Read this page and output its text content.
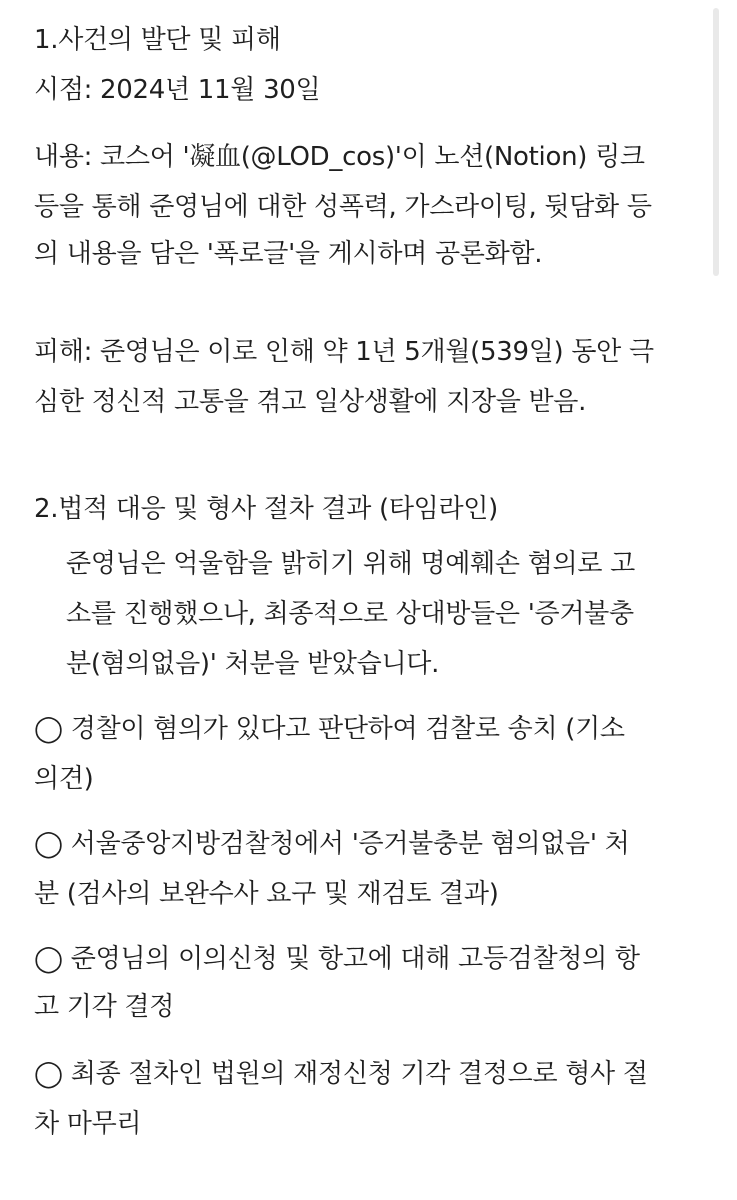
1.사건의 발단 및 피해
시점: 2024년 11월 30일
내용: 코스어 '凝血(@LOD_cos)'이 노션(Notion) 링크
등을 통해 준영님에 대한 성폭력, 가스라이팅, 뒷담화 등
의 내용을 담은 '폭로글'을 게시하며 공론화함.
피해: 준영님은 이로 인해 약 1년 5개월(539일) 동안 극
심한 정신적 고통을 겪고 일상생활에 지장을 받음.
2.법적 대응 및 형사 절차 결과 (타임라인)
준영님은 억울함을 밝히기 위해 명예훼손 혐의로 고
소를 진행했으나, 최종적으로 상대방들은 '증거불충
분(혐의없음)' 처분을 받았습니다.
◯ 경찰이 혐의가 있다고 판단하여 검찰로 송치 (기소
의견)
◯ 서울중앙지방검찰청에서 '증거불충분 혐의없음' 처
분 (검사의 보완수사 요구 및 재검토 결과)
◯ 준영님의 이의신청 및 항고에 대해 고등검찰청의 항
고 기각 결정
◯ 최종 절차인 법원의 재정신청 기각 결정으로 형사 절
차 마무리
